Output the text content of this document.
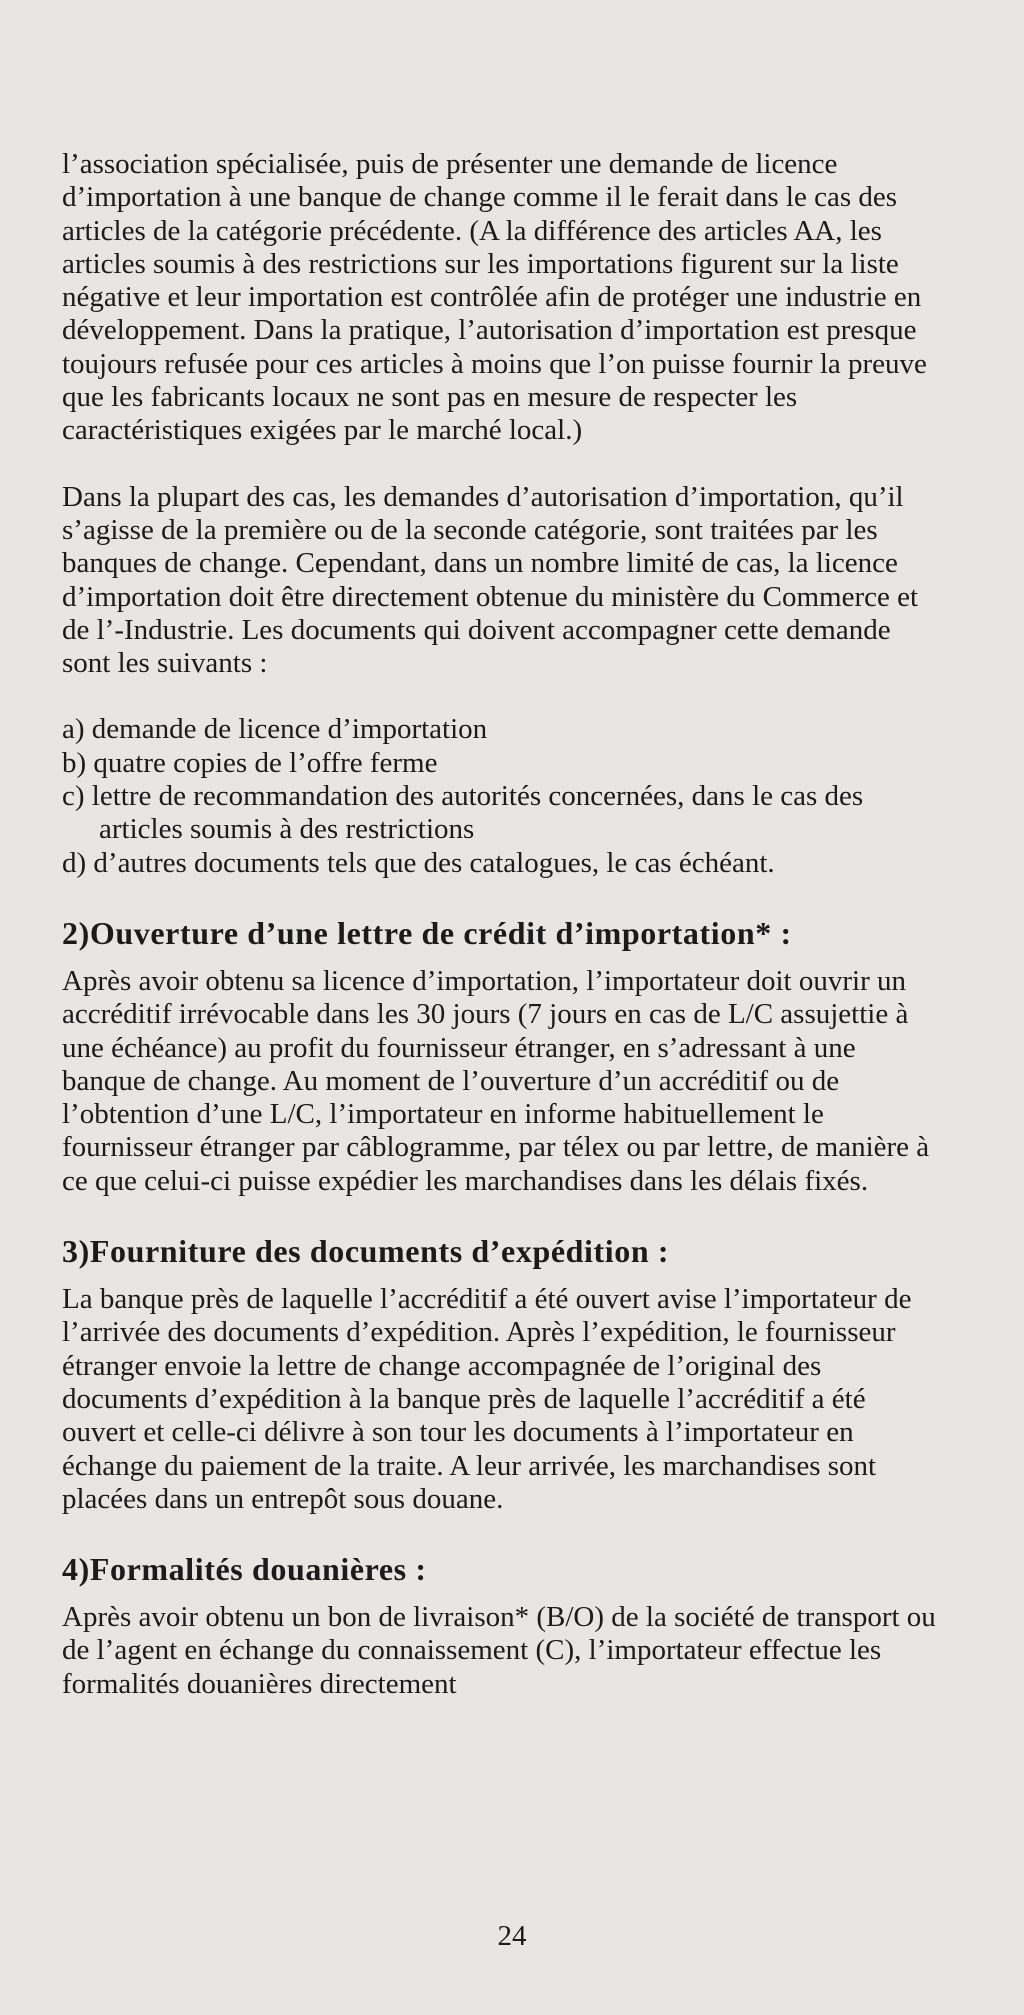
l’association spécialisée, puis de présenter une demande de licence d’importation à une banque de change comme il le ferait dans le cas des articles de la catégorie précédente. (A la différence des articles AA, les articles soumis à des restrictions sur les importations figurent sur la liste négative et leur importation est contrôlée afin de protéger une industrie en développement. Dans la pratique, l’autorisation d’importation est presque toujours refusée pour ces articles à moins que l’on puisse fournir la preuve que les fabricants locaux ne sont pas en mesure de respecter les caractéristiques exigées par le marché local.)

Dans la plupart des cas, les demandes d’autorisation d’importation, qu’il s’agisse de la première ou de la seconde catégorie, sont traitées par les banques de change. Cependant, dans un nombre limité de cas, la licence d’importation doit être directement obtenue du ministère du Commerce et de l’-Industrie. Les documents qui doivent accompagner cette demande sont les suivants :

a) demande de licence d’importation
b) quatre copies de l’offre ferme
c) lettre de recommandation des autorités concernées, dans le cas des articles soumis à des restrictions
d) d’autres documents tels que des catalogues, le cas échéant.
2)Ouverture d’une lettre de crédit d’importation* :

Après avoir obtenu sa licence d’importation, l’importateur doit ouvrir un accréditif irrévocable dans les 30 jours (7 jours en cas de L/C assujettie à une échéance) au profit du fournisseur étranger, en s’adressant à une banque de change. Au moment de l’ouverture d’un accréditif ou de l’obtention d’une L/C, l’importateur en informe habituellement le fournisseur étranger par câblogramme, par télex ou par lettre, de manière à ce que celui-ci puisse expédier les marchandises dans les délais fixés.

3)Fourniture des documents d’expédition :

La banque près de laquelle l’accréditif a été ouvert avise l’importateur de l’arrivée des documents d’expédition. Après l’expédition, le fournisseur étranger envoie la lettre de change accompagnée de l’original des documents d’expédition à la banque près de laquelle l’accréditif a été ouvert et celle-ci délivre à son tour les documents à l’importateur en échange du paiement de la traite. A leur arrivée, les marchandises sont placées dans un entrepôt sous douane.

4)Formalités douanières :

Après avoir obtenu un bon de livraison* (B/O) de la société de transport ou de l’agent en échange du connaissement (C), l’importateur effectue les formalités douanières directement

24
